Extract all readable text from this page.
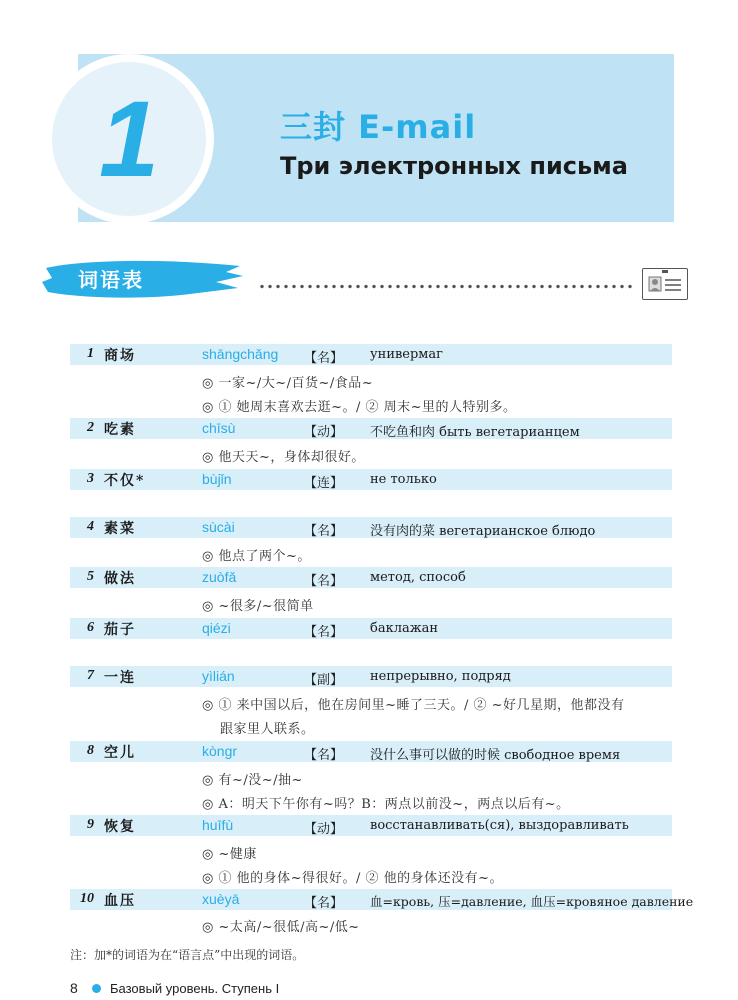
1	三封 E-mail
Три электронных письма
词语表
1 商场	shāngchǎng 【名】 универмаг
◎ 一家~/大~/百货~/食品~
◎ ① 她周末喜欢去逛~。/ ② 周末~里的人特别多。
2 吃素	chīsù	【动】 不吃鱼和肉 быть вегетарианцем
◎ 他天天~，身体却很好。
3 不仅*	bùjǐn	【连】 не только
4 素菜	sùcài	【名】 没有肉的菜 вегетарианское блюдо
◎ 他点了两个~。
5 做法	zuòfǎ	【名】 метод, способ
◎ ~很多/~很简单
6 茄子	qiézi	【名】 баклажан
7 一连	yìlián	【副】 непрерывно, подряд
◎ ① 来中国以后，他在房间里~睡了三天。/ ② ~好几星期，他都没有
跟家里人联系。
8 空儿	kòngr	【名】 没什么事可以做的时候 свободное время
◎ 有~/没~/抽~
◎ A：明天下午你有~吗？B：两点以前没~，两点以后有~。
9 恢复	huīfù	【动】 восстанавливать(ся), выздоравливать
◎ ~健康
◎ ① 他的身体~得很好。/ ② 他的身体还没有~。
10 血压	xuèyā	【名】 血=кровь, 压=давление, 血压=кровяное давление
◎ ~太高/~很低/高~/低~
注：加*的词语为在“语言点”中出现的词语。
8 Базовый уровень. Ступень I
